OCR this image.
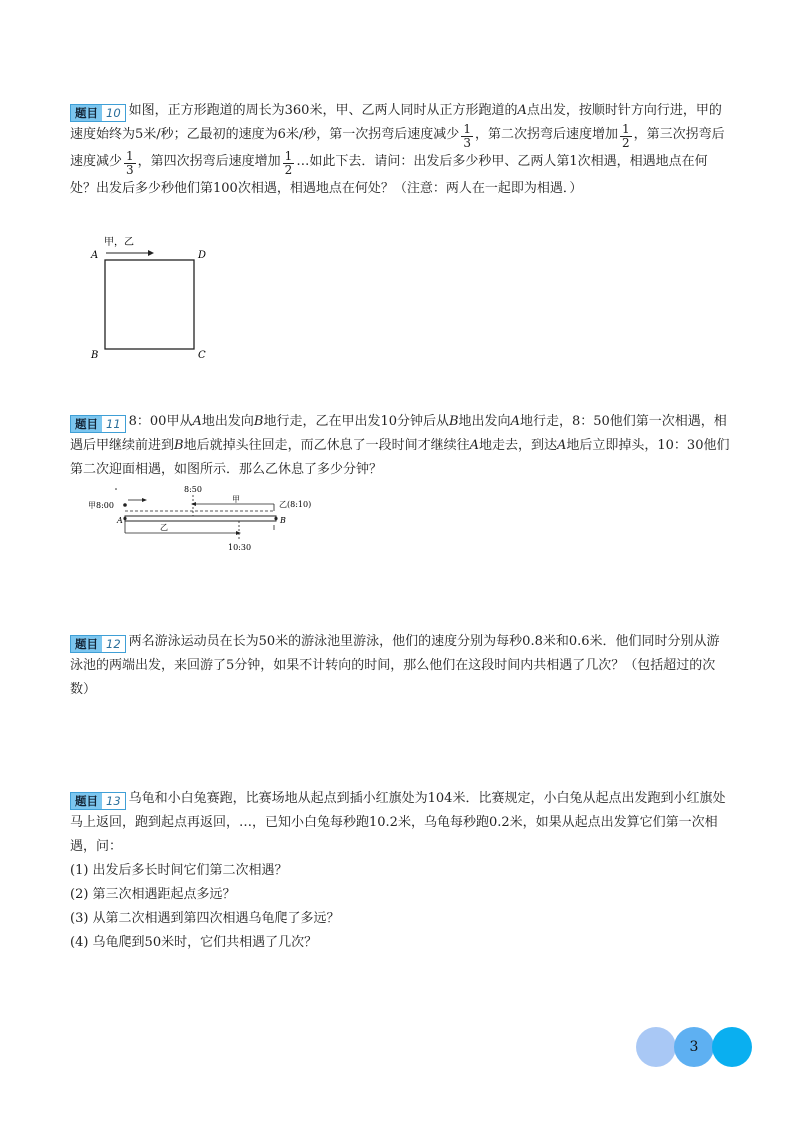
题目 10 如图，正方形跑道的周长为360米，甲、乙两人同时从正方形跑道的A点出发，按顺时针方向行进，甲的速度始终为5米/秒；乙最初的速度为6米/秒，第一次拐弯后速度减少 $\frac{1}{3}$ ，第二次拐弯后速度增加 $\frac{1}{2}$ ，第三次拐弯后速度减少 $\frac{1}{3}$ ，第四次拐弯后速度增加 $\frac{1}{2}$ …如此下去．请问：出发后多少秒甲、乙两人第1次相遇，相遇地点在何处？出发后多少秒他们第100次相遇，相遇地点在何处？（注意：两人在一起即为相遇．）
甲，乙
A	D
B	C
题目 11 8：00甲从A地出发向B地行走，乙在甲出发10分钟后从B地出发向A地行走，8：50他们第一次相遇，相遇后甲继续前进到B地后就掉头往回走，而乙休息了一段时间才继续往A地走去，到达A地后立即掉头，10：30他们第二次迎面相遇，如图所示．那么乙休息了多少分钟？
甲8:00
8:50
甲
乙(8:10)
A	B
乙
10:30
题目 12 两名游泳运动员在长为50米的游泳池里游泳，他们的速度分别为每秒0.8米和0.6米．他们同时分别从游泳池的两端出发，来回游了5分钟，如果不计转向的时间，那么他们在这段时间内共相遇了几次？（包括超过的次数）
题目 13 乌龟和小白兔赛跑，比赛场地从起点到插小红旗处为104米．比赛规定，小白兔从起点出发跑到小红旗处马上返回，跑到起点再返回，…，已知小白兔每秒跑10.2米，乌龟每秒跑0.2米，如果从起点出发算它们第一次相遇，问：
(1) 出发后多长时间它们第二次相遇？
(2) 第三次相遇距起点多远？
(3) 从第二次相遇到第四次相遇乌龟爬了多远？
(4) 乌龟爬到50米时，它们共相遇了几次？
3
